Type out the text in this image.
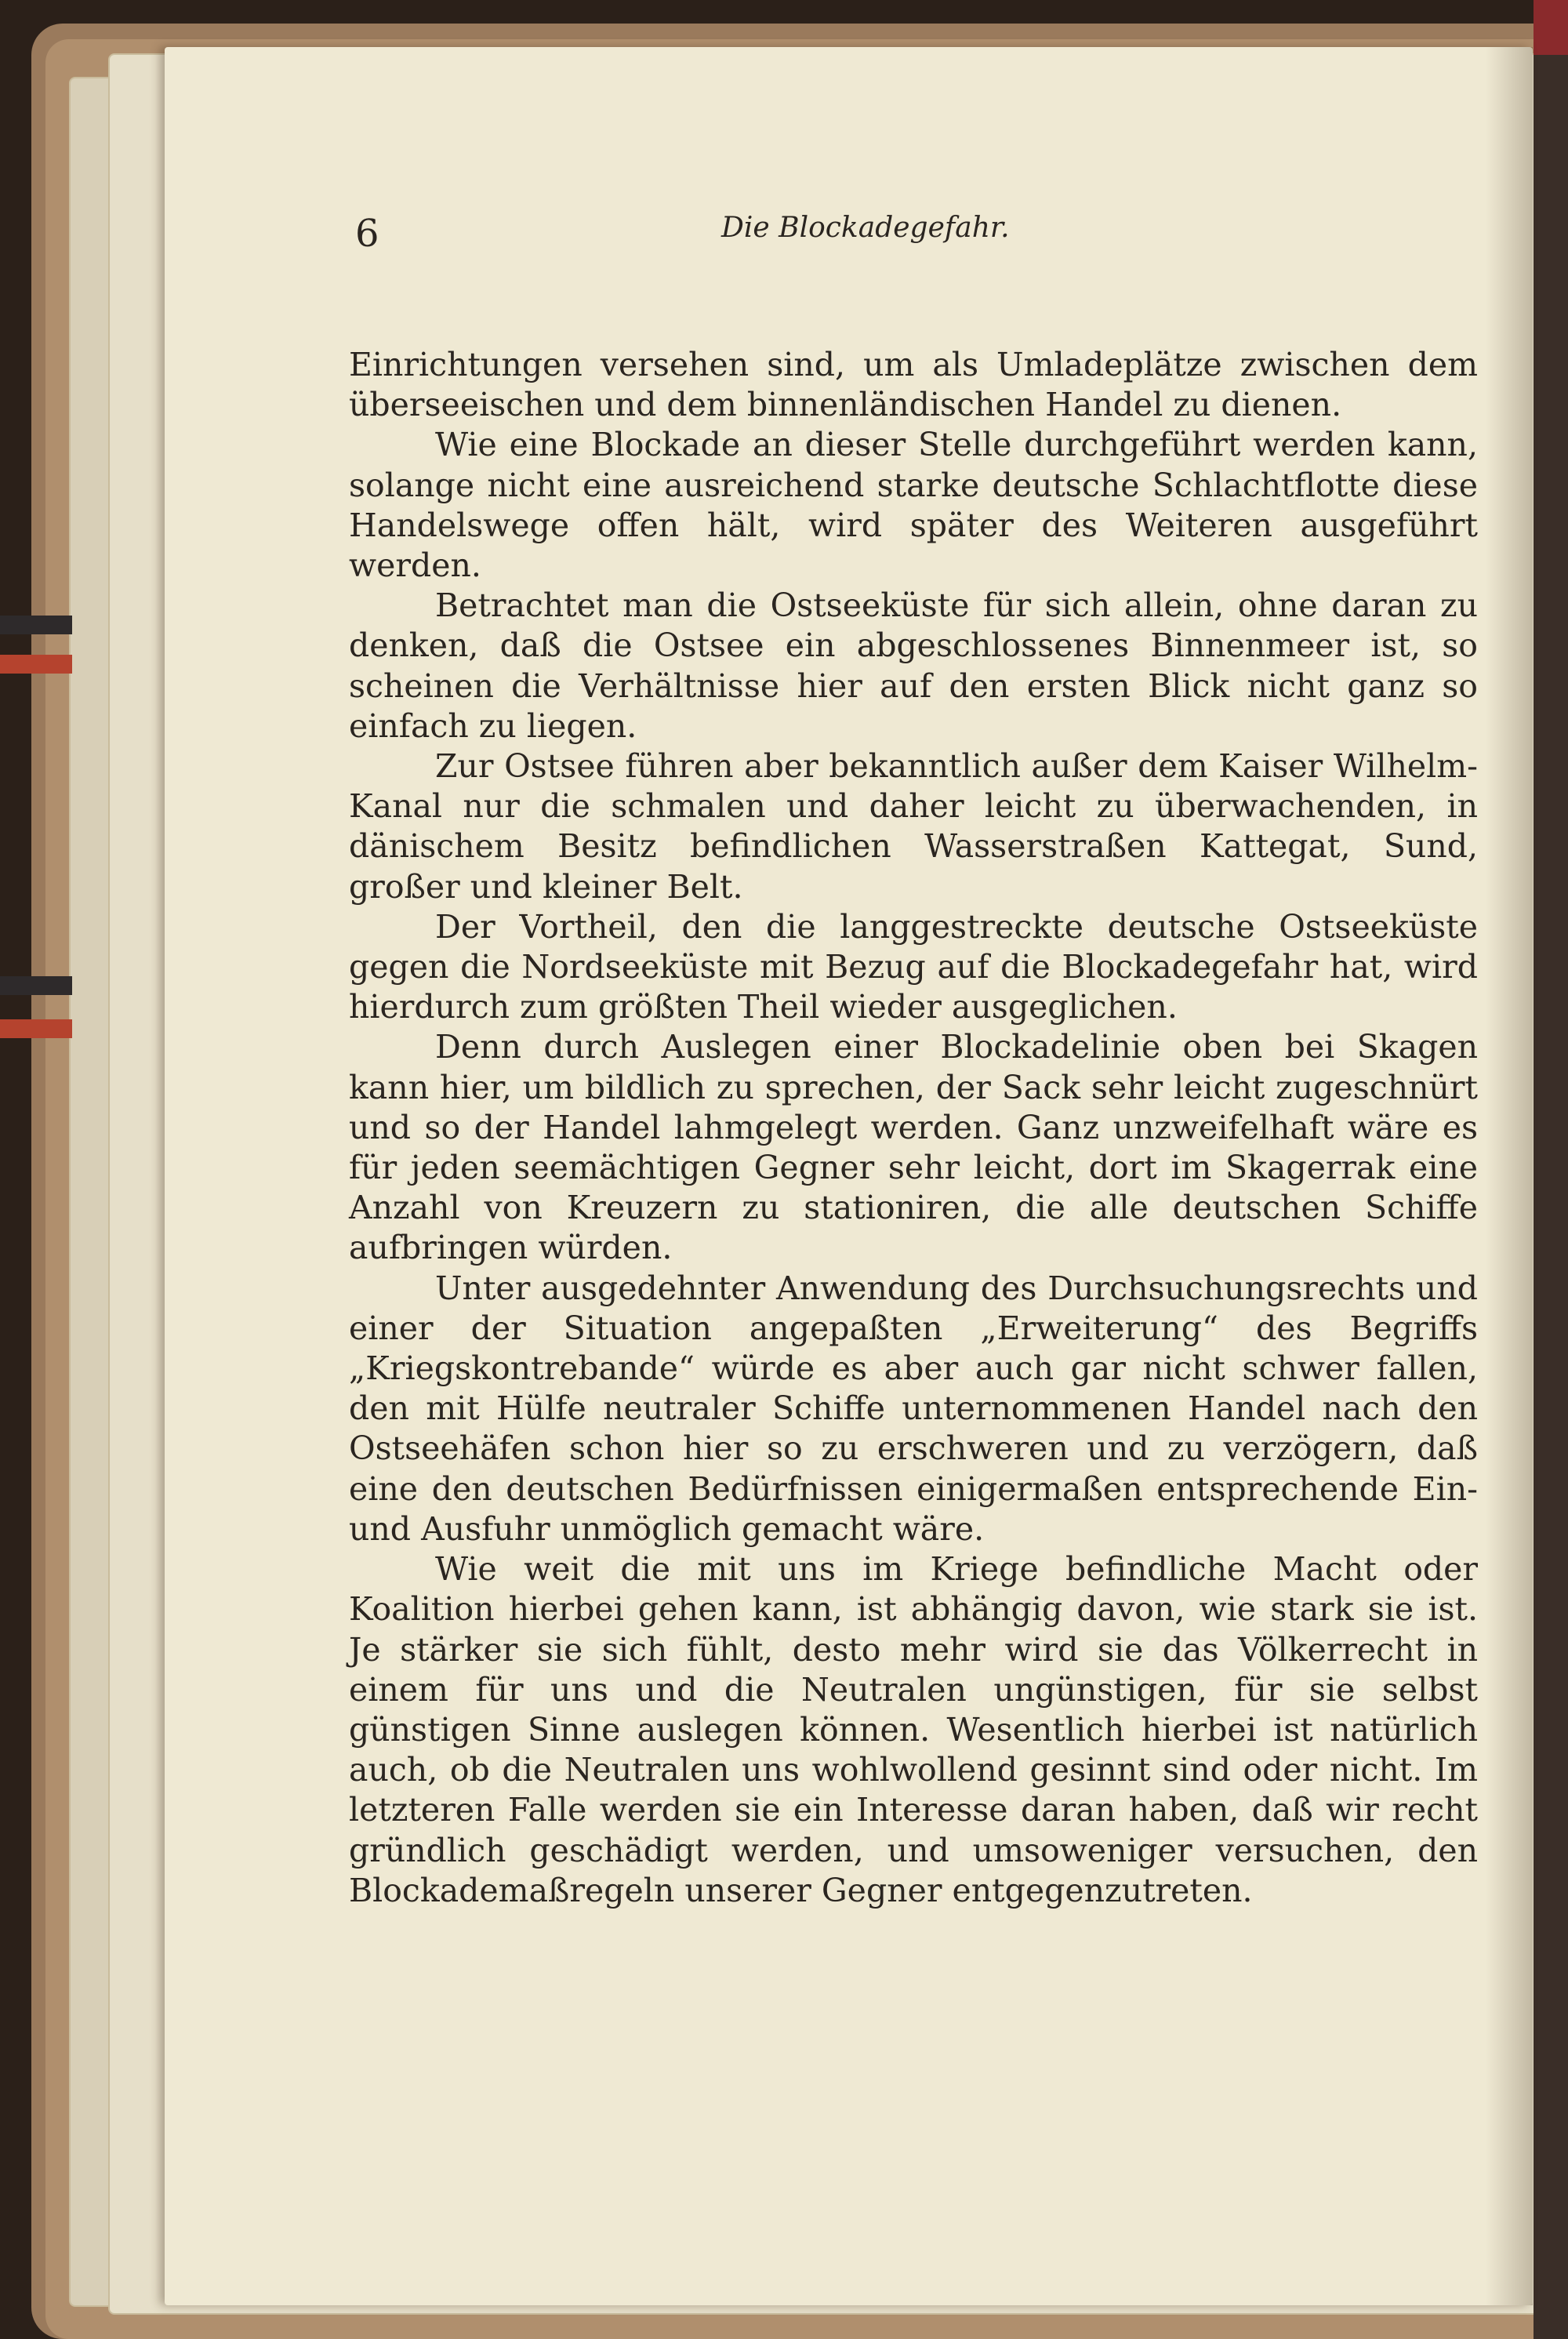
6	Die Blockadegefahr.

Einrichtungen versehen sind, um als Umladeplätze zwischen dem überseeischen und dem binnenländischen Handel zu dienen.

Wie eine Blockade an dieser Stelle durchgeführt werden kann, solange nicht eine ausreichend starke deutsche Schlachtflotte diese Handelswege offen hält, wird später des Weiteren ausgeführt werden.

Betrachtet man die Ostseeküste für sich allein, ohne daran zu denken, daß die Ostsee ein abgeschlossenes Binnenmeer ist, so scheinen die Verhältnisse hier auf den ersten Blick nicht ganz so einfach zu liegen.

Zur Ostsee führen aber bekanntlich außer dem Kaiser Wilhelm-Kanal nur die schmalen und daher leicht zu überwachenden, in dänischem Besitz befindlichen Wasserstraßen Kattegat, Sund, großer und kleiner Belt.

Der Vortheil, den die langgestreckte deutsche Ostseeküste gegen die Nordseeküste mit Bezug auf die Blockadegefahr hat, wird hierdurch zum größten Theil wieder ausgeglichen.

Denn durch Auslegen einer Blockadelinie oben bei Skagen kann hier, um bildlich zu sprechen, der Sack sehr leicht zugeschnürt und so der Handel lahmgelegt werden. Ganz unzweifelhaft wäre es für jeden seemächtigen Gegner sehr leicht, dort im Skagerrak eine Anzahl von Kreuzern zu stationiren, die alle deutschen Schiffe aufbringen würden.

Unter ausgedehnter Anwendung des Durchsuchungsrechts und einer der Situation angepaßten „Erweiterung“ des Begriffs „Kriegskontrebande“ würde es aber auch gar nicht schwer fallen, den mit Hülfe neutraler Schiffe unternommenen Handel nach den Ostseehäfen schon hier so zu erschweren und zu verzögern, daß eine den deutschen Bedürfnissen einigermaßen entsprechende Ein- und Ausfuhr unmöglich gemacht wäre.

Wie weit die mit uns im Kriege befindliche Macht oder Koalition hierbei gehen kann, ist abhängig davon, wie stark sie ist. Je stärker sie sich fühlt, desto mehr wird sie das Völkerrecht in einem für uns und die Neutralen ungünstigen, für sie selbst günstigen Sinne auslegen können. Wesentlich hierbei ist natürlich auch, ob die Neutralen uns wohlwollend gesinnt sind oder nicht. Im letzteren Falle werden sie ein Interesse daran haben, daß wir recht gründlich geschädigt werden, und umsoweniger versuchen, den Blockademaßregeln unserer Gegner entgegenzutreten.
